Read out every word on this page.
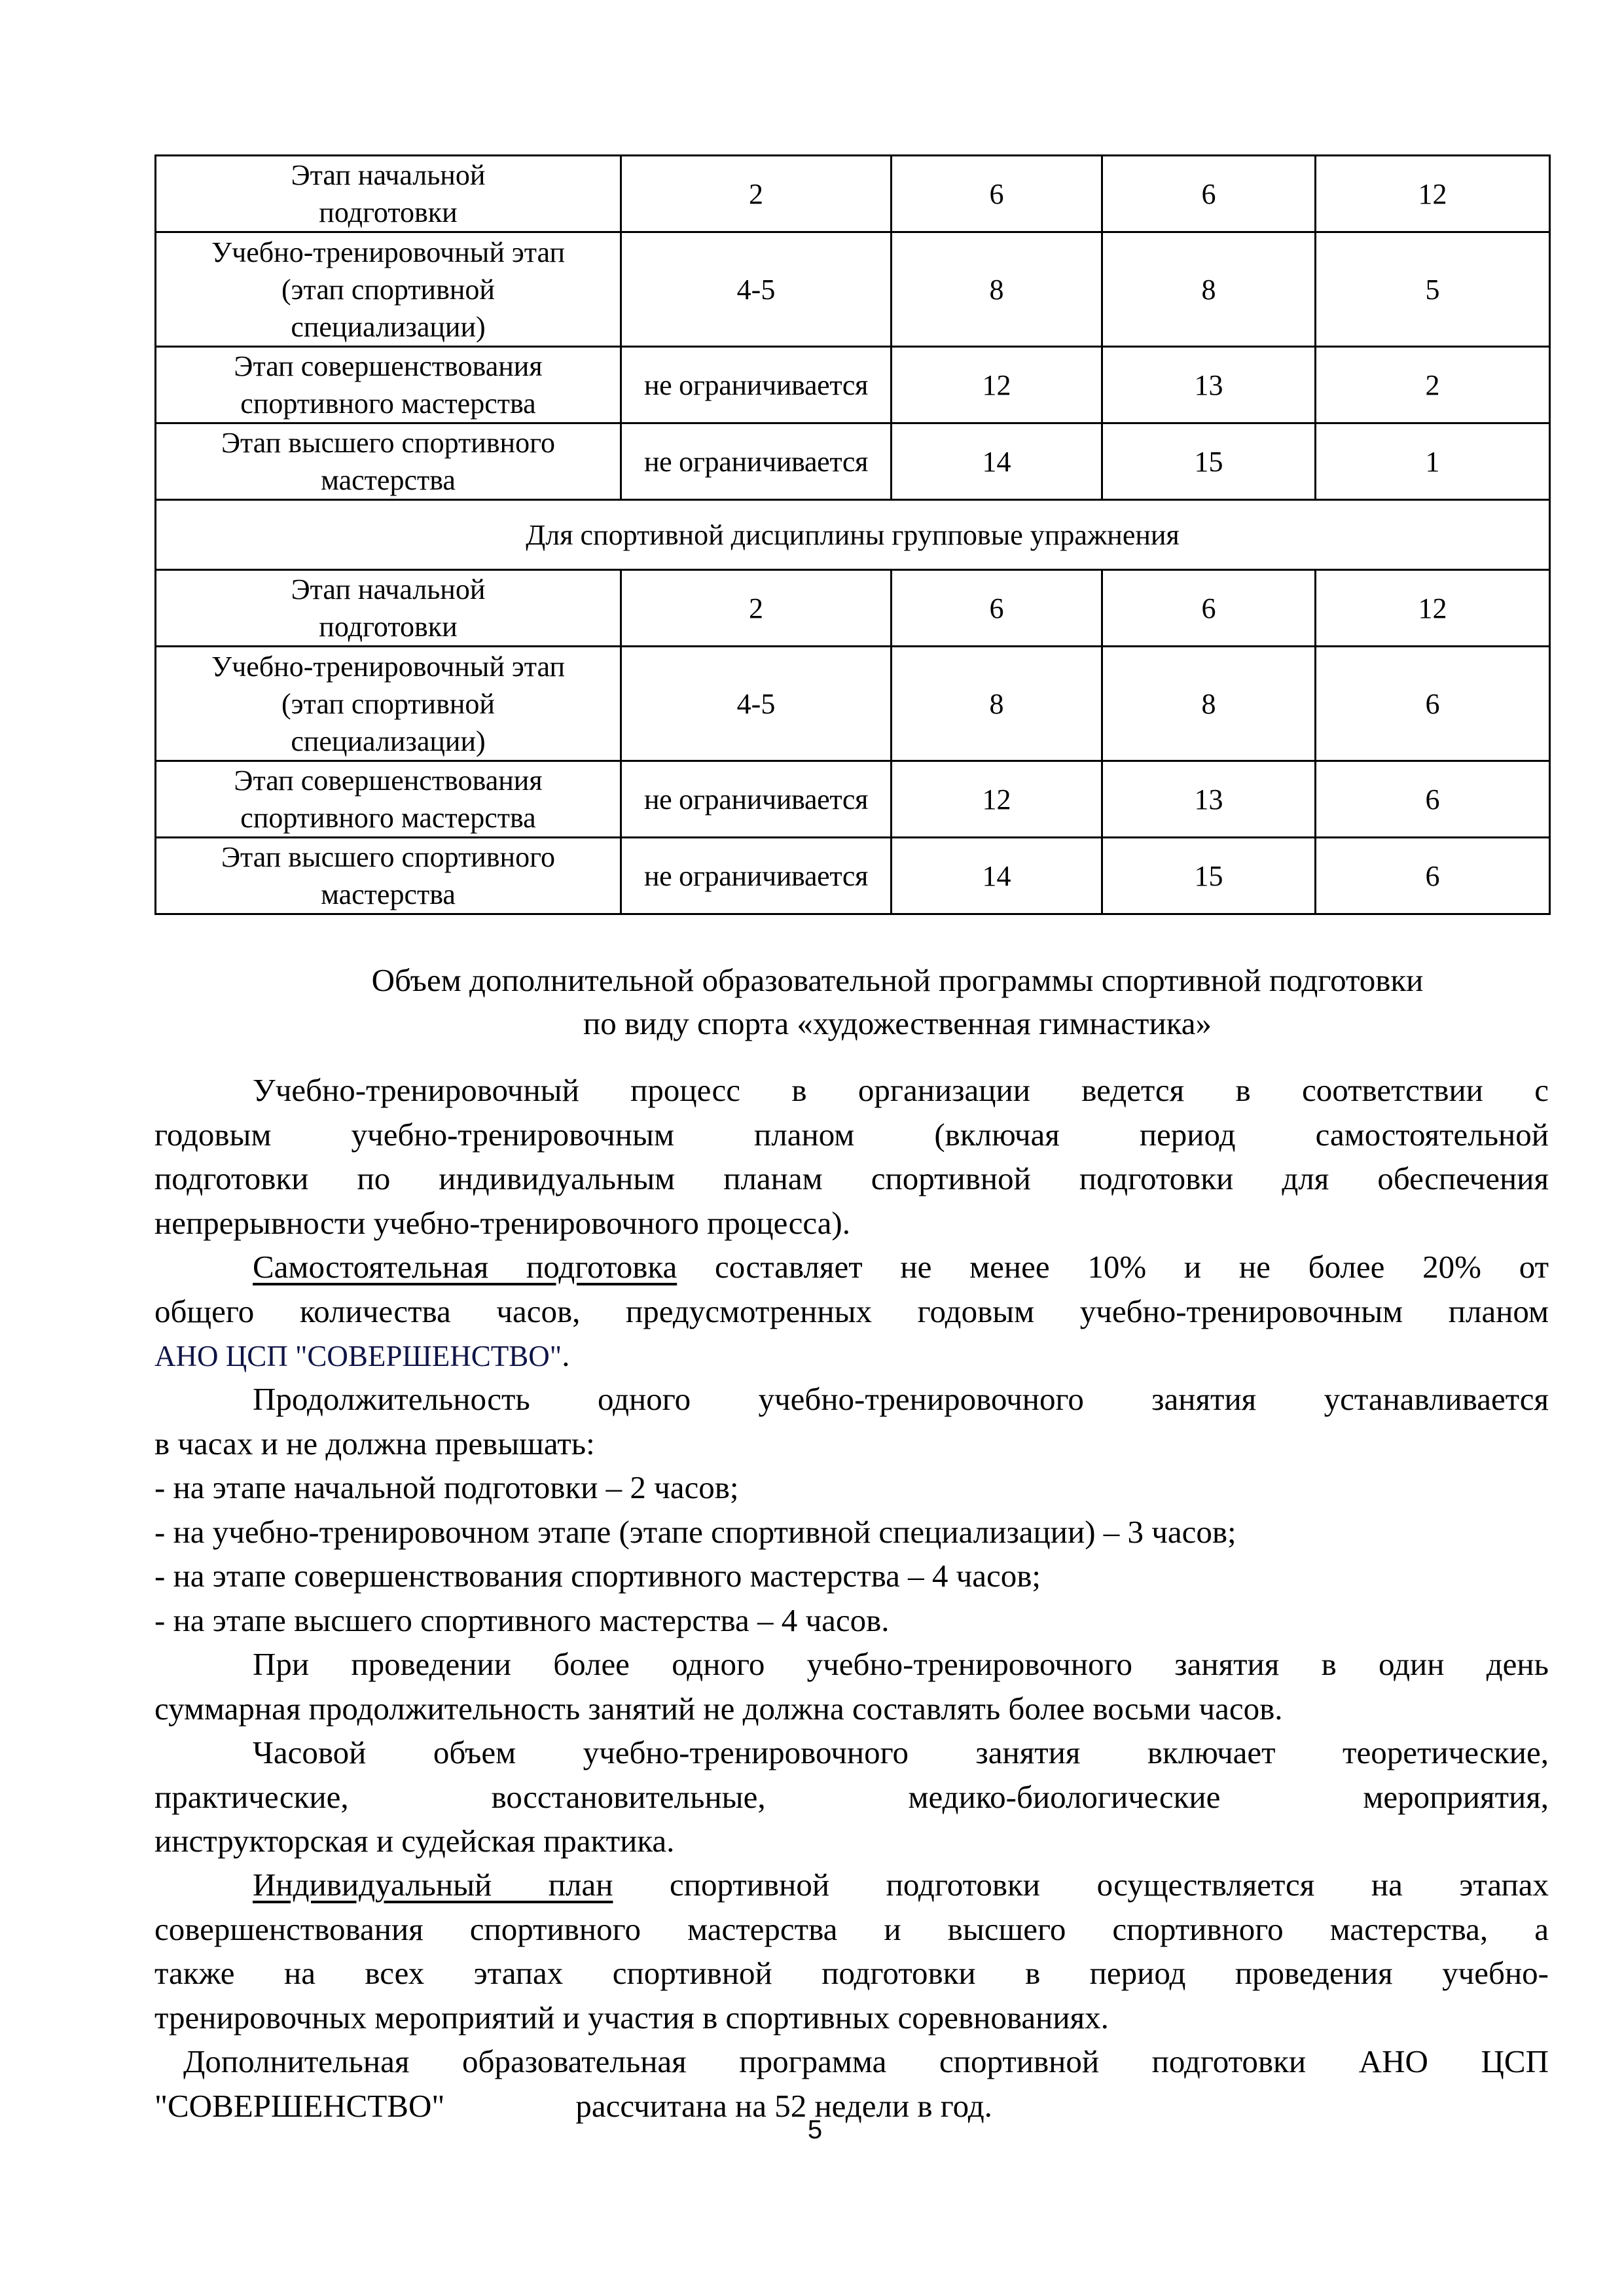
Этап начальной
подготовки	2	6	6	12
Учебно-тренировочный этап
(этап спортивной
специализации)	4-5	8	8	5
Этап совершенствования
спортивного мастерства	не ограничивается	12	13	2
Этап высшего спортивного
мастерства	не ограничивается	14	15	1
Для спортивной дисциплины групповые упражнения				
Этап начальной
подготовки	2	6	6	12
Учебно-тренировочный этап
(этап спортивной
специализации)	4-5	8	8	6
Этап совершенствования
спортивного мастерства	не ограничивается	12	13	6
Этап высшего спортивного
мастерства	не ограничивается	14	15	6
Объем дополнительной образовательной программы спортивной подготовки
по виду спорта «художественная гимнастика»
Учебно-тренировочный процесс в организации ведется в соответствии с
годовым учебно-тренировочным планом (включая период самостоятельной
подготовки по индивидуальным планам спортивной подготовки для обеспечения
непрерывности учебно-тренировочного процесса).
Самостоятельная подготовка составляет не менее 10% и не более 20% от
общего количества часов, предусмотренных годовым учебно-тренировочным планом
АНО ЦСП "СОВЕРШЕНСТВО".
Продолжительность одного учебно-тренировочного занятия устанавливается
в часах и не должна превышать:
- на этапе начальной подготовки – 2 часов;
- на учебно-тренировочном этапе (этапе спортивной специализации) – 3 часов;
- на этапе совершенствования спортивного мастерства – 4 часов;
- на этапе высшего спортивного мастерства – 4 часов.
При проведении более одного учебно-тренировочного занятия в один день
суммарная продолжительность занятий не должна составлять более восьми часов.
Часовой объем учебно-тренировочного занятия включает теоретические,
практические, восстановительные, медико-биологические мероприятия,
инструкторская и судейская практика.
Индивидуальный план спортивной подготовки осуществляется на этапах
совершенствования спортивного мастерства и высшего спортивного мастерства, а
также на всех этапах спортивной подготовки в период проведения учебно-
тренировочных мероприятий и участия в спортивных соревнованиях.
Дополнительная образовательная программа спортивной подготовки АНО ЦСП
"СОВЕРШЕНСТВО"	рассчитана на 52 недели в год.
5
